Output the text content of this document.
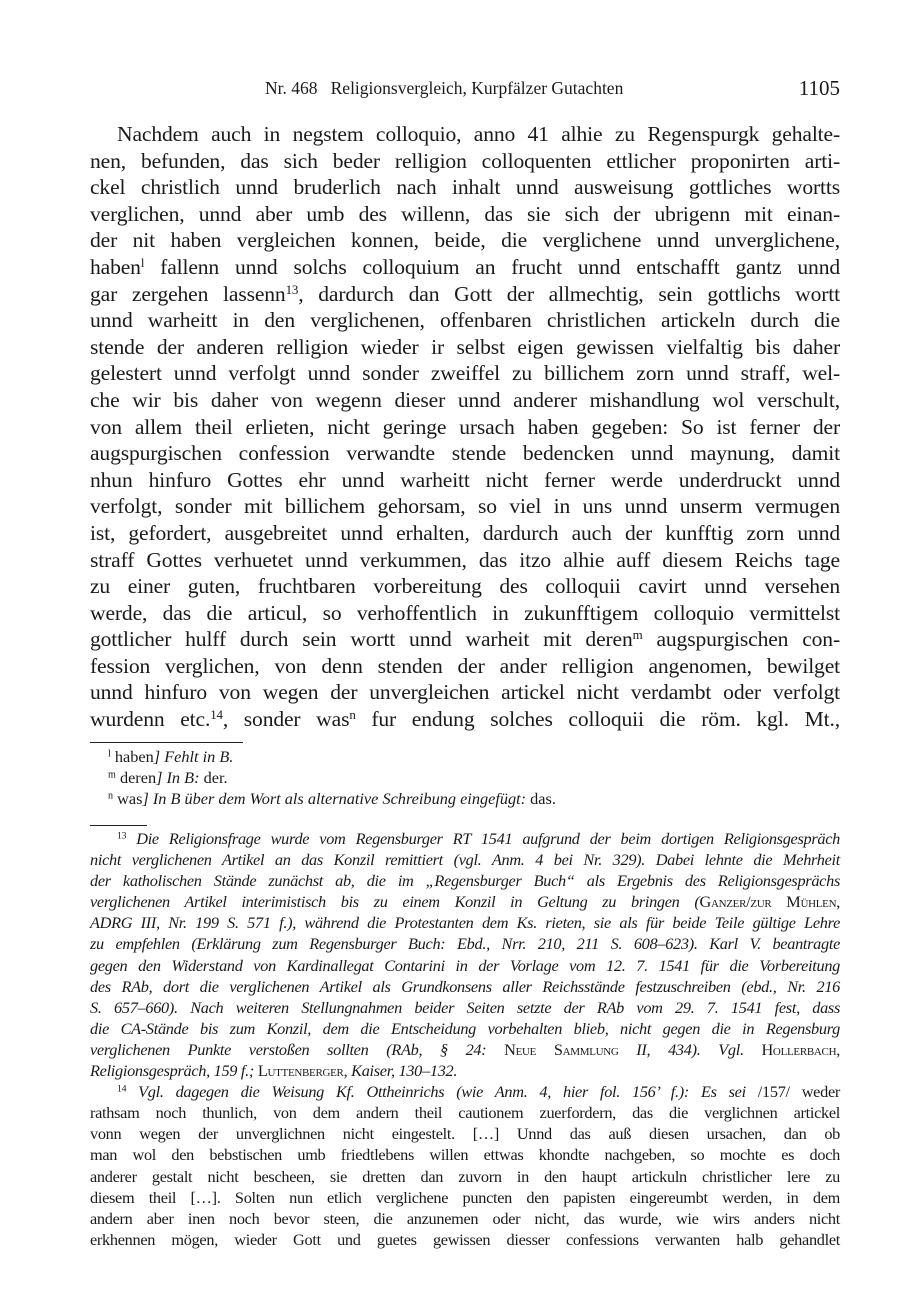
Nr. 468   Religionsvergleich, Kurpfälzer Gutachten	1105
Nachdem auch in negstem colloquio, anno 41 alhie zu Regenspurgk gehalte-
nen, befunden, das sich beder relligion colloquenten ettlicher proponirten arti-
ckel christlich unnd bruderlich nach inhalt unnd ausweisung gottliches wortts
verglichen, unnd aber umb des willenn, das sie sich der ubrigenn mit einan-
der nit haben vergleichen konnen, beide, die verglichene unnd unverglichene,
haben$^l$ fallenn unnd solchs colloquium an frucht unnd entschafft gantz unnd
gar zergehen lassenn$^{13}$, dardurch dan Gott der allmechtig, sein gottlichs wortt
unnd warheitt in den verglichenen, offenbaren christlichen artickeln durch die
stende der anderen relligion wieder ir selbst eigen gewissen vielfaltig bis daher
gelestert unnd verfolgt unnd sonder zweiffel zu billichem zorn unnd straff, wel-
che wir bis daher von wegenn dieser unnd anderer mishandlung wol verschult,
von allem theil erlieten, nicht geringe ursach haben gegeben: So ist ferner der
augspurgischen confession verwandte stende bedencken unnd maynung, damit
nhun hinfuro Gottes ehr unnd warheitt nicht ferner werde underdruckt unnd
verfolgt, sonder mit billichem gehorsam, so viel in uns unnd unserm vermugen
ist, gefordert, ausgebreitet unnd erhalten, dardurch auch der kunfftig zorn unnd
straff Gottes verhuetet unnd verkummen, das itzo alhie auff diesem Reichs tage
zu einer guten, fruchtbaren vorbereitung des colloquii cavirt unnd versehen
werde, das die articul, so verhoffentlich in zukunfftigem colloquio vermittelst
gottlicher hulff durch sein wortt unnd warheit mit deren$^m$ augspurgischen con-
fession verglichen, von denn stenden der ander relligion angenomen, bewilget
unnd hinfuro von wegen der unvergleichen artickel nicht verdambt oder verfolgt
wurdenn etc.$^{14}$, sonder was$^n$ fur endung solches colloquii die röm. kgl. Mt.,
$^l$ haben] Fehlt in B.
$^m$ deren] In B: der.
$^n$ was] In B über dem Wort als alternative Schreibung eingefügt: das.
$^{13}$ Die Religionsfrage wurde vom Regensburger RT 1541 aufgrund der beim dortigen Religionsgespräch
nicht verglichenen Artikel an das Konzil remittiert (vgl. Anm. 4 bei Nr. 329). Dabei lehnte die Mehrheit
der katholischen Stände zunächst ab, die im „Regensburger Buch“ als Ergebnis des Religionsgesprächs
verglichenen Artikel interimistisch bis zu einem Konzil in Geltung zu bringen (Ganzer/zur Mühlen,
ADRG III, Nr. 199 S. 571 f.), während die Protestanten dem Ks. rieten, sie als für beide Teile gültige Lehre
zu empfehlen (Erklärung zum Regensburger Buch: Ebd., Nrr. 210, 211 S. 608–623). Karl V. beantragte
gegen den Widerstand von Kardinallegat Contarini in der Vorlage vom 12. 7. 1541 für die Vorbereitung
des RAb, dort die verglichenen Artikel als Grundkonsens aller Reichsstände festzuschreiben (ebd., Nr. 216
S. 657–660). Nach weiteren Stellungnahmen beider Seiten setzte der RAb vom 29. 7. 1541 fest, dass
die CA-Stände bis zum Konzil, dem die Entscheidung vorbehalten blieb, nicht gegen die in Regensburg
verglichenen Punkte verstoßen sollten (RAb, § 24: Neue Sammlung II, 434). Vgl. Hollerbach,
Religionsgespräch, 159 f.; Luttenberger, Kaiser, 130–132.
$^{14}$ Vgl. dagegen die Weisung Kf. Ottheinrichs (wie Anm. 4, hier fol. 156’ f.): Es sei /157/ weder
rathsam noch thunlich, von dem andern theil cautionem zuerfordern, das die verglichnen artickel
vonn wegen der unverglichnen nicht eingestelt. […] Unnd das auß diesen ursachen, dan ob
man wol den bebstischen umb friedtlebens willen ettwas khondte nachgeben, so mochte es doch
anderer gestalt nicht bescheen, sie dretten dan zuvorn in den haupt artickuln christlicher lere zu
diesem theil […]. Solten nun etlich verglichene puncten den papisten eingereumbt werden, in dem
andern aber inen noch bevor steen, die anzunemen oder nicht, das wurde, wie wirs anders nicht
erkhennen mögen, wieder Gott und guetes gewissen diesser confessions verwanten halb gehandlet
